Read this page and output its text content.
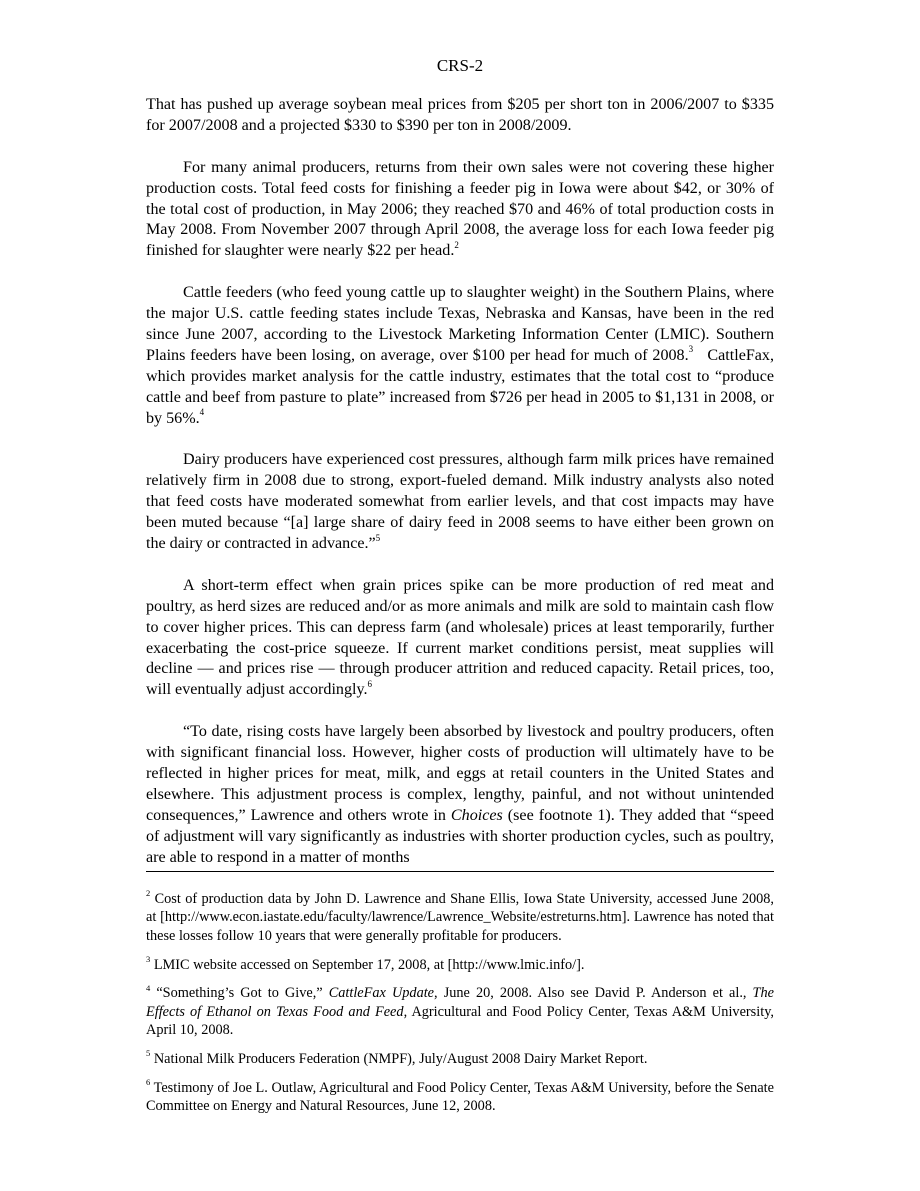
CRS-2

That has pushed up average soybean meal prices from $205 per short ton in 2006/2007 to $335 for 2007/2008 and a projected $330 to $390 per ton in 2008/2009.

For many animal producers, returns from their own sales were not covering these higher production costs. Total feed costs for finishing a feeder pig in Iowa were about $42, or 30% of the total cost of production, in May 2006; they reached $70 and 46% of total production costs in May 2008. From November 2007 through April 2008, the average loss for each Iowa feeder pig finished for slaughter were nearly $22 per head.$^2$

Cattle feeders (who feed young cattle up to slaughter weight) in the Southern Plains, where the major U.S. cattle feeding states include Texas, Nebraska and Kansas, have been in the red since June 2007, according to the Livestock Marketing Information Center (LMIC). Southern Plains feeders have been losing, on average, over $100 per head for much of 2008.$^3$   CattleFax, which provides market analysis for the cattle industry, estimates that the total cost to “produce cattle and beef from pasture to plate” increased from $726 per head in 2005 to $1,131 in 2008, or by 56%.$^4$

Dairy producers have experienced cost pressures, although farm milk prices have remained relatively firm in 2008 due to strong, export-fueled demand. Milk industry analysts also noted that feed costs have moderated somewhat from earlier levels, and that cost impacts may have been muted because “[a] large share of dairy feed in 2008 seems to have either been grown on the dairy or contracted in advance.”$^5$

A short-term effect when grain prices spike can be more production of red meat and poultry, as herd sizes are reduced and/or as more animals and milk are sold to maintain cash flow to cover higher prices. This can depress farm (and wholesale) prices at least temporarily, further exacerbating the cost-price squeeze. If current market conditions persist, meat supplies will decline — and prices rise — through producer attrition and reduced capacity. Retail prices, too, will eventually adjust accordingly.$^6$

“To date, rising costs have largely been absorbed by livestock and poultry producers, often with significant financial loss. However, higher costs of production will ultimately have to be reflected in higher prices for meat, milk, and eggs at retail counters in the United States and elsewhere. This adjustment process is complex, lengthy, painful, and not without unintended consequences,” Lawrence and others wrote in Choices (see footnote 1). They added that “speed of adjustment will vary significantly as industries with shorter production cycles, such as poultry, are able to respond in a matter of months

$^2$ Cost of production data by John D. Lawrence and Shane Ellis, Iowa State University, accessed June 2008, at [http://www.econ.iastate.edu/faculty/lawrence/Lawrence_Website/estreturns.htm]. Lawrence has noted that these losses follow 10 years that were generally profitable for producers.

$^3$ LMIC website accessed on September 17, 2008, at [http://www.lmic.info/].

$^4$ “Something’s Got to Give,” CattleFax Update, June 20, 2008. Also see David P. Anderson et al., The Effects of Ethanol on Texas Food and Feed, Agricultural and Food Policy Center, Texas A&M University, April 10, 2008.

$^5$ National Milk Producers Federation (NMPF), July/August 2008 Dairy Market Report.

$^6$ Testimony of Joe L. Outlaw, Agricultural and Food Policy Center, Texas A&M University, before the Senate Committee on Energy and Natural Resources, June 12, 2008.
